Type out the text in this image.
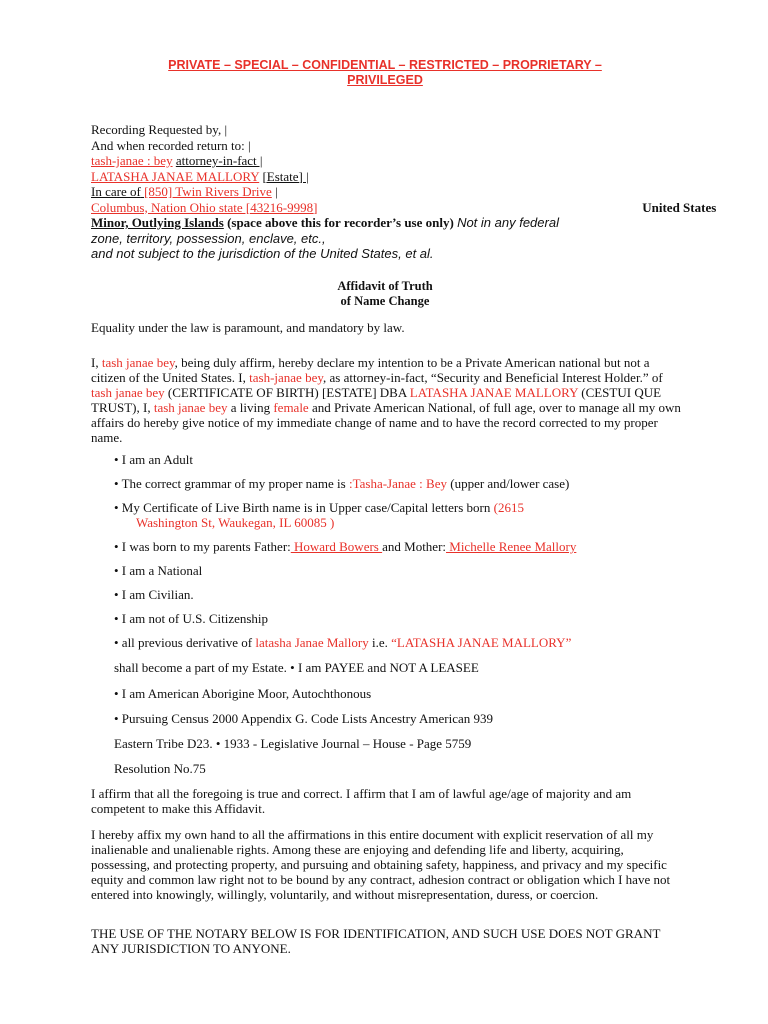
PRIVATE – SPECIAL – CONFIDENTIAL – RESTRICTED – PROPRIETARY –
PRIVILEGED
Recording Requested by, |
And when recorded return to: |
tash-janae : bey attorney-in-fact |
LATASHA JANAE MALLORY [Estate] |
In care of [850] Twin Rivers Drive |
Columbus, Nation Ohio state [43216-9998]	United States
Minor, Outlying Islands (space above this for recorder’s use only) Not in any federal
zone, territory, possession, enclave, etc.,
and not subject to the jurisdiction of the United States, et al.
Affidavit of Truth
of Name Change
Equality under the law is paramount, and mandatory by law.
I, tash janae bey, being duly affirm, hereby declare my intention to be a Private American national but not a citizen of the United States. I, tash-janae bey, as attorney-in-fact, “Security and Beneficial Interest Holder.” of tash janae bey (CERTIFICATE OF BIRTH) [ESTATE] DBA LATASHA JANAE MALLORY (CESTUI QUE TRUST), I, tash janae bey a living female and Private American National, of full age, over to manage all my own affairs do hereby give notice of my immediate change of name and to have the record corrected to my proper name.
• I am an Adult
• The correct grammar of my proper name is :Tasha-Janae : Bey (upper and/lower case)
• My Certificate of Live Birth name is in Upper case/Capital letters born (2615
Washington St, Waukegan, IL 60085 )
• I was born to my parents Father: Howard Bowers and Mother: Michelle Renee Mallory
• I am a National
• I am Civilian.
• I am not of U.S. Citizenship
• all previous derivative of latasha Janae Mallory i.e. “LATASHA JANAE MALLORY”
shall become a part of my Estate. • I am PAYEE and NOT A LEASEE
• I am American Aborigine Moor, Autochthonous
• Pursuing Census 2000 Appendix G. Code Lists Ancestry American 939
Eastern Tribe D23. • 1933 - Legislative Journal – House - Page 5759
Resolution No.75
I affirm that all the foregoing is true and correct. I affirm that I am of lawful age/age of majority and am competent to make this Affidavit.
I hereby affix my own hand to all the affirmations in this entire document with explicit reservation of all my inalienable and unalienable rights. Among these are enjoying and defending life and liberty, acquiring, possessing, and protecting property, and pursuing and obtaining safety, happiness, and privacy and my specific equity and common law right not to be bound by any contract, adhesion contract or obligation which I have not entered into knowingly, willingly, voluntarily, and without misrepresentation, duress, or coercion.
THE USE OF THE NOTARY BELOW IS FOR IDENTIFICATION, AND SUCH USE DOES NOT GRANT ANY JURISDICTION TO ANYONE.
